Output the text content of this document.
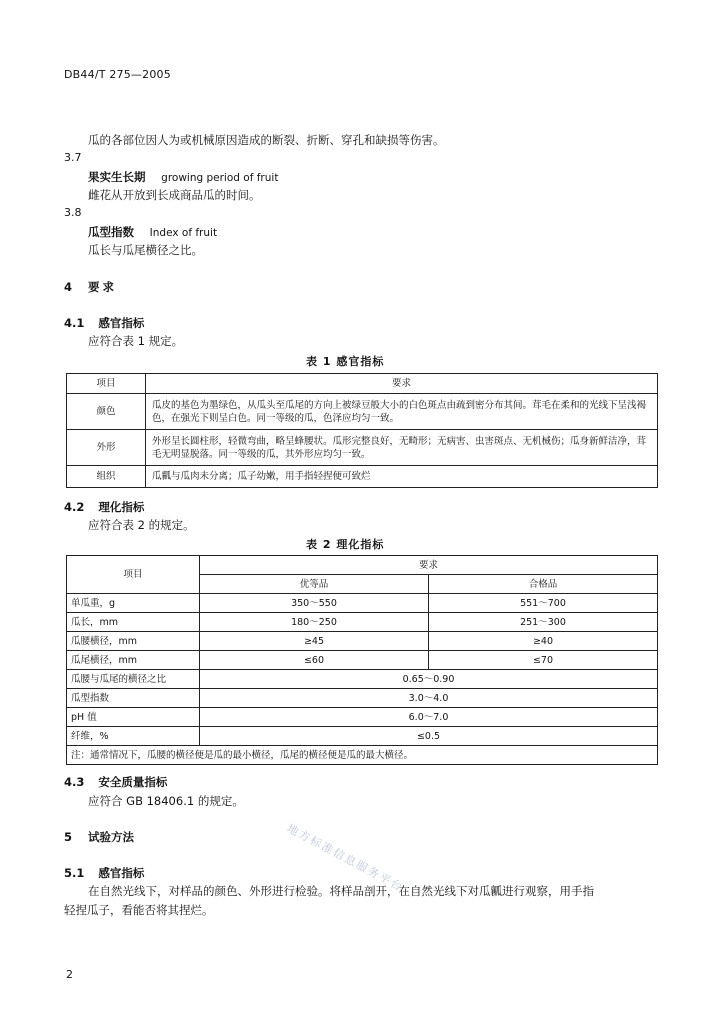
DB44/T 275—2005
瓜的各部位因人为或机械原因造成的断裂、折断、穿孔和缺损等伤害。
3.7
果实生长期 growing period of fruit
雌花从开放到长成商品瓜的时间。
3.8
瓜型指数 Index of fruit
瓜长与瓜尾横径之比。
4 要求
4.1 感官指标
应符合表 1 规定。
表 1 感官指标
项目	要求
颜色	瓜皮的基色为墨绿色，从瓜头至瓜尾的方向上被绿豆般大小的白色斑点由疏到密分布其间。茸毛在柔和的光线下呈浅褐色，在强光下则呈白色。同一等级的瓜，色泽应均匀一致。
外形	外形呈长圆柱形，轻微弯曲，略呈蜂腰状。瓜形完整良好，无畸形；无病害、虫害斑点、无机械伤；瓜身新鲜洁净，茸毛无明显脱落。同一等级的瓜，其外形应均匀一致。
组织	瓜瓤与瓜肉未分离；瓜子幼嫩，用手指轻捏便可致烂
4.2 理化指标
应符合表 2 的规定。
表 2 理化指标
项目	要求	
	优等品	合格品
单瓜重，g	350～550	551～700
瓜长，mm	180～250	251～300
瓜腰横径，mm	≥45	≥40
瓜尾横径，mm	≤60	≤70
瓜腰与瓜尾的横径之比	0.65～0.90	
瓜型指数	3.0～4.0	
pH 值	6.0～7.0	
纤维，%	≤0.5	
注：通常情况下，瓜腰的横径便是瓜的最小横径，瓜尾的横径便是瓜的最大横径。		
4.3 安全质量指标
应符合 GB 18406.1 的规定。
5 试验方法
5.1 感官指标
在自然光线下，对样品的颜色、外形进行检验。将样品剖开，在自然光线下对瓜瓤进行观察，用手指
轻捏瓜子，看能否将其捏烂。
地方标准信息服务平台
2
